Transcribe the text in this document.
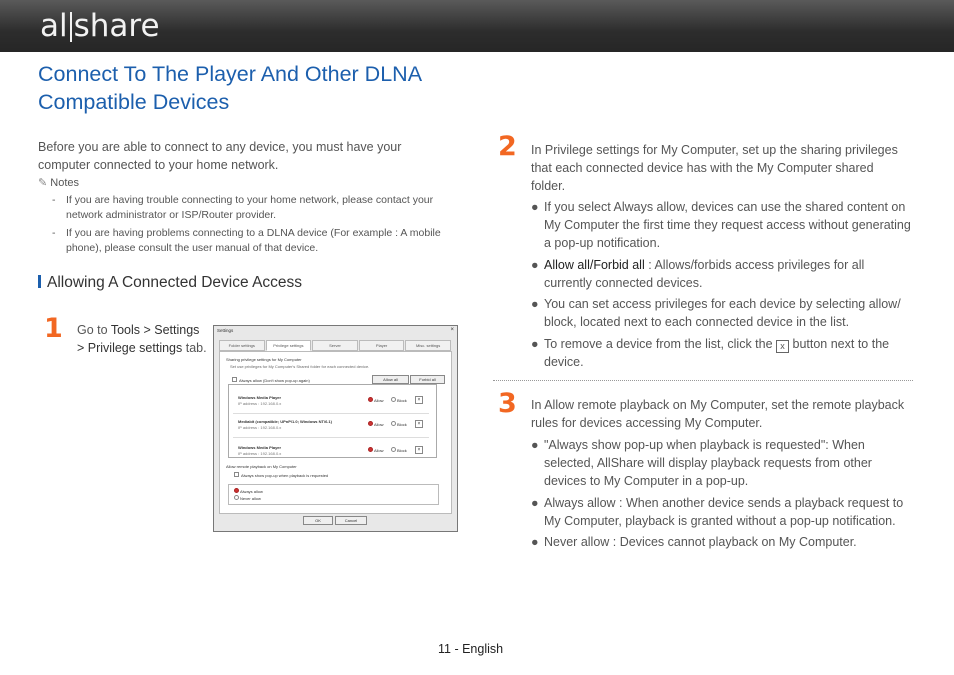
al share
Connect To The Player And Other DLNA Compatible Devices

Before you are able to connect to any device, you must have your computer connected to your home network.

✎ Notes
- If you are having trouble connecting to your home network, please contact your network administrator or ISP/Router provider.
- If you are having problems connecting to a DLNA device (For example : A mobile phone), please consult the user manual of that device.
Allowing A Connected Device Access
1 Go to Tools > Settings > Privilege settings tab.
Settings	×
Folder settings	Privilege settings	Server	Player	Misc. settings
Sharing privilege settings for My Computer
Set use privileges for My Computer's Shared folder for each connected device.
Always allow (Don't show pop-up again)	Allow all	Forbid all
Windows Media Player
IP address : 192.168.0.x
Allow	Block	×
Mediabit (compatible; UPnP/1.0; Windows NT/6.1)
IP address : 192.168.0.x
Allow	Block	×
Windows Media Player
IP address : 192.168.0.x
Allow	Block	×
Allow remote playback on My Computer
Always show pop-up when playback is requested
Always allow
Never allow
OK	Cancel
2 In Privilege settings for My Computer, set up the sharing privileges that each connected device has with the My Computer shared folder.
● If you select Always allow, devices can use the shared content on My Computer the first time they request access without generating a pop-up notification.
● Allow all/Forbid all : Allows/forbids access privileges for all currently connected devices.
● You can set access privileges for each device by selecting allow/ block, located next to each connected device in the list.
● To remove a device from the list, click the x button next to the device.
3 In Allow remote playback on My Computer, set the remote playback rules for devices accessing My Computer.
● "Always show pop-up when playback is requested": When selected, AllShare will display playback requests from other devices to My Computer in a pop-up.
● Always allow : When another device sends a playback request to My Computer, playback is granted without a pop-up notification.
● Never allow : Devices cannot playback on My Computer.
11 - English
